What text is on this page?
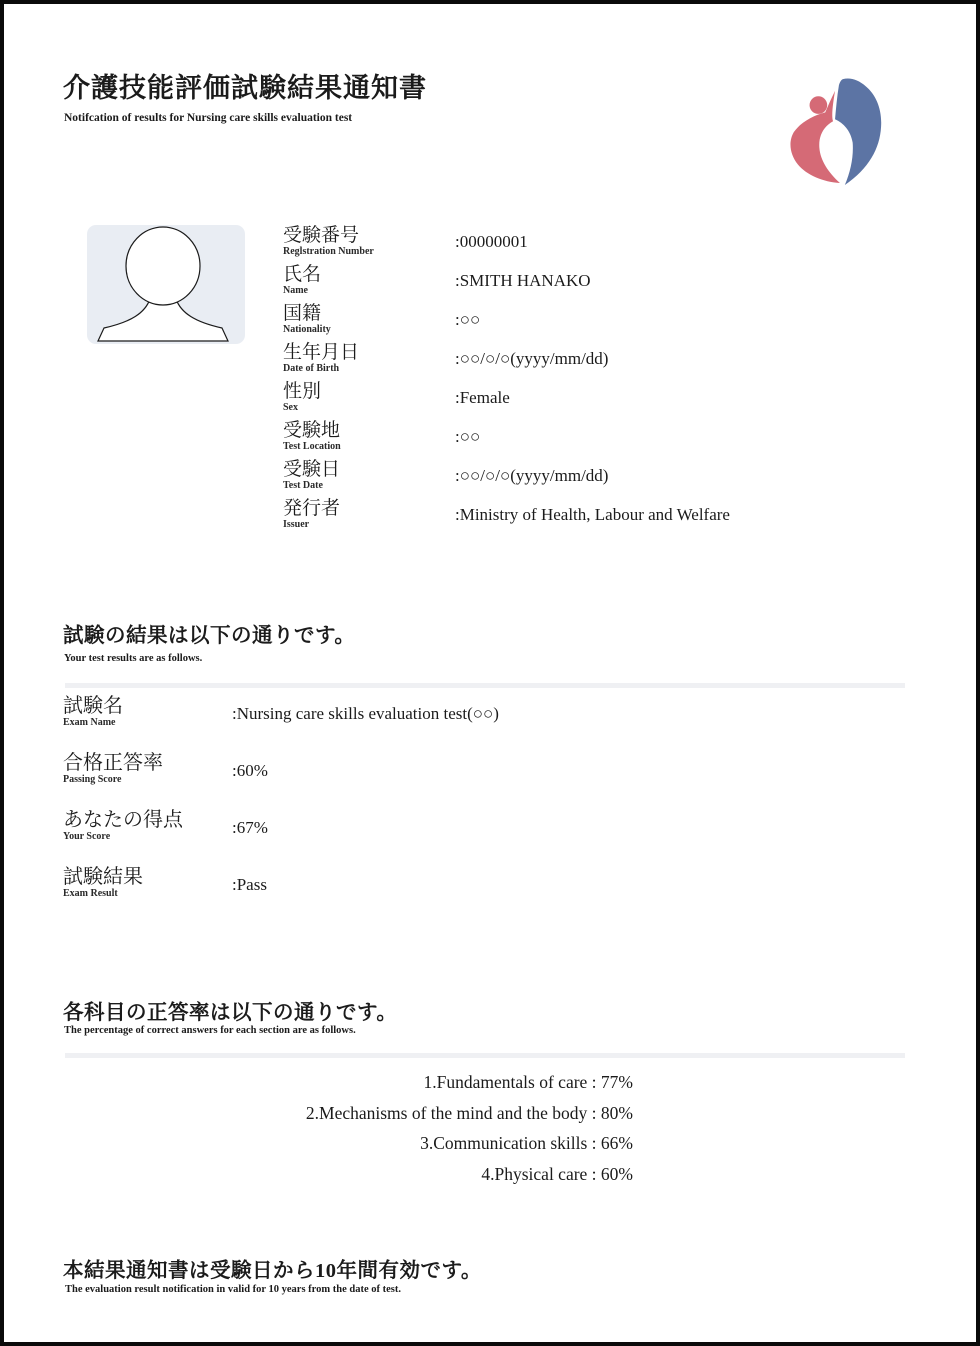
介護技能評価試験結果通知書
Notifcation of results for Nursing care skills evaluation test
受験番号
Reglstration Number
:00000001
氏名
Name
:SMITH HANAKO
国籍
Nationality
:○○
生年月日
Date of Birth
:○○/○/○(yyyy/mm/dd)
性別
Sex
:Female
受験地
Test Location
:○○
受験日
Test Date
:○○/○/○(yyyy/mm/dd)
発行者
Issuer
:Ministry of Health, Labour and Welfare
試験の結果は以下の通りです。
Your test results are as follows.
試験名
Exam Name	:Nursing care skills evaluation test(○○)
合格正答率
Passing Score	:60%
あなたの得点
Your Score	:67%
試験結果
Exam Result	:Pass
各科目の正答率は以下の通りです。
The percentage of correct answers for each section are as follows.
1.Fundamentals of care : 77%
2.Mechanisms of the mind and the body : 80%
3.Communication skills : 66%
4.Physical care : 60%
本結果通知書は受験日から10年間有効です。
The evaluation result notification in valid for 10 years from the date of test.
